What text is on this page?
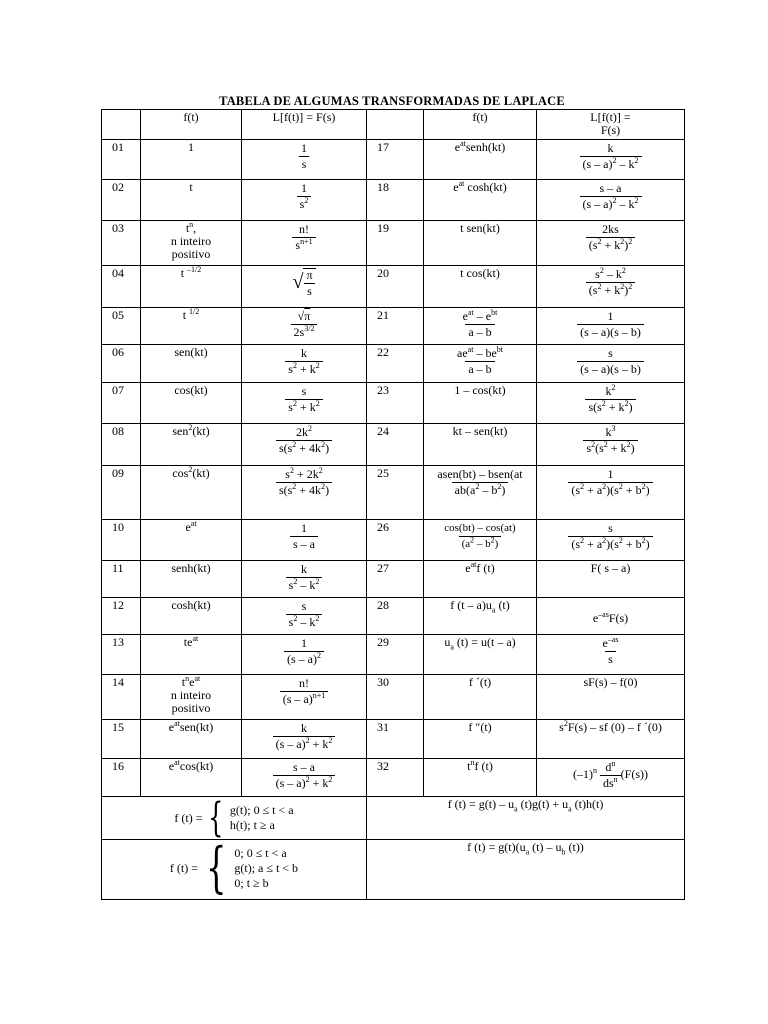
TABELA DE ALGUMAS TRANSFORMADAS DE LAPLACE
	f(t)	L[f(t)] = F(s)		f(t)	L[f(t)] =
F(s)
01	1	$\frac{1}{s}$	17	$e^{at}senh(kt)$	$\frac{k}{(s - a)^2 - k^2}$

02	t	$\frac{1}{s^2}$	18	$e^{at}$ cosh(kt)	$\frac{s - a}{(s - a)^2 - k^2}$

03	$t^n$,
n inteiro
positivo	$\frac{n!}{s^{n+1}}$	19	t sen(kt)	$\frac{2ks}{(s^2 + k^2)^2}$

04	t $^{-1/2}$	√ $\frac{\pi}{s}$	20	t cos(kt)	$\frac{s^2 - k^2}{(s^2 + k^2)^2}$

05	t $^{1/2}$	$\frac{√\pi}{2s^{3/2}}$	21	$\frac{e^{at} - e^{bt}}{a - b}$	$\frac{1}{(s - a)(s - b)}$

06	sen(kt)	$\frac{k}{s^2 + k^2}$	22	$\frac{ae^{at} - be^{bt}}{a - b}$	$\frac{s}{(s - a)(s - b)}$

07	cos(kt)	$\frac{s}{s^2 + k^2}$	23	1 – cos(kt)	$\frac{k^2}{s(s^2 + k^2)}$

08	sen$^2$(kt)	$\frac{2k^2}{s(s^2 + 4k^2)}$	24	kt – sen(kt)	$\frac{k^3}{s^2(s^2 + k^2)}$

09	$\cos^2(kt)$	$\frac{s^2 + 2k^2}{s(s^2 + 4k^2)}$	25	$\frac{\text{asen(bt) – bsen(at}}{ab(a^2 - b^2)}$	$\frac{1}{(s^2 + a^2)(s^2 + b^2)}$

10	$e^{at}$	$\frac{1}{s - a}$	26	$\frac{\cos(bt) - \cos(at)}{(a^2 - b^2)}$	$\frac{s}{(s^2 + a^2)(s^2 + b^2)}$

11	senh(kt)	$\frac{k}{s^2 - k^2}$	27	$e^{at}f$ (t)	F( s – a)
12	cosh(kt)	$\frac{s}{s^2 - k^2}$	28	f $(t - a)u_a$ (t)	$e^{-as}F(s)$
13	$te^{at}$	$\frac{1}{(s - a)^2}$	29	$u_a$ (t) = u(t – a)	$\frac{e^{-as}}{s}$

14	$t^ne^{at}$
n inteiro
positivo	$\frac{n!}{(s - a)^{n+1}}$	30	f ´(t)	sF(s) – f(0)
15	$e^{at}sen(kt)$	$\frac{k}{(s - a)^2 + k^2}$	31	f ″(t)	$s^2F(s)$ – sf (0) – f ´(0)
16	$e^{at}\cos(kt)$	$\frac{s - a}{(s - a)^2 + k^2}$	32	$t^nf$ (t)	$(-1)^n \frac{d^n}{ds^n} (F(s))$

f (t) = { g(t); 0 ≤ t < a
h(t); t ≥ a			f $(t) = g(t) - u_a$ $(t)g(t) + u_a$ (t)h(t)		

f (t) = { 0; 0 ≤ t < a
g(t); a ≤ t < b
0; t ≥ b			f $(t) = g(t)(u_a$ $(t) - u_b$ (t))		
